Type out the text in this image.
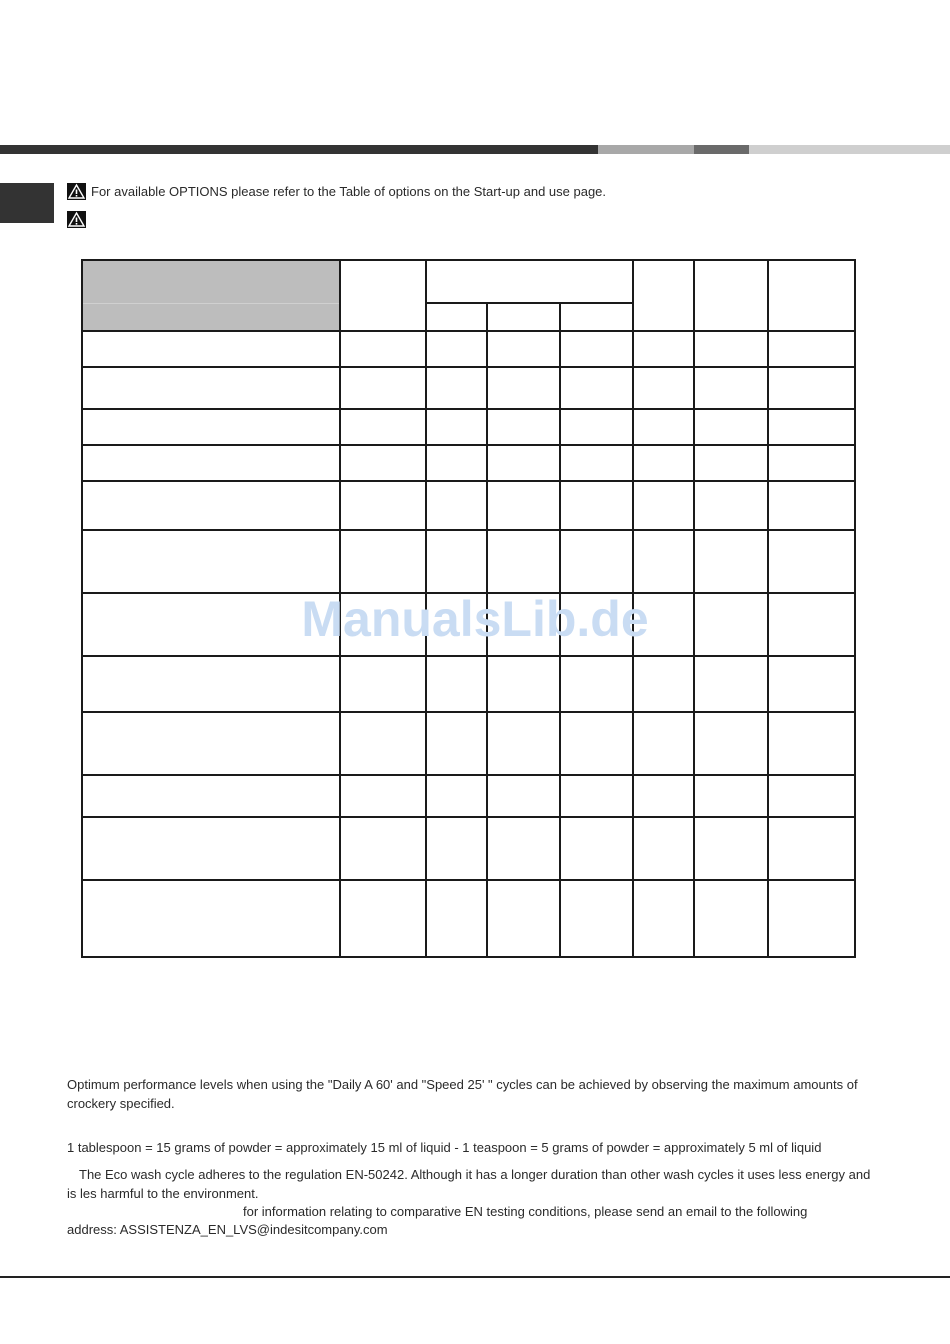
For available OPTIONS please refer to the Table of options on the Start-up and use page.

ManualsLib.de
Optimum performance levels when using the "Daily A 60' and "Speed 25' " cycles can be achieved by observing the maximum amounts of crockery specified.
1 tablespoon = 15 grams of powder = approximately 15 ml of liquid - 1 teaspoon = 5 grams of powder = approximately 5 ml of liquid
The Eco wash cycle adheres to the regulation EN-50242. Although it has a longer duration than other wash cycles it uses less energy and is les harmful to the environment.
for information relating to comparative EN testing conditions, please send an email to the following
address: ASSISTENZA_EN_LVS@indesitcompany.com
